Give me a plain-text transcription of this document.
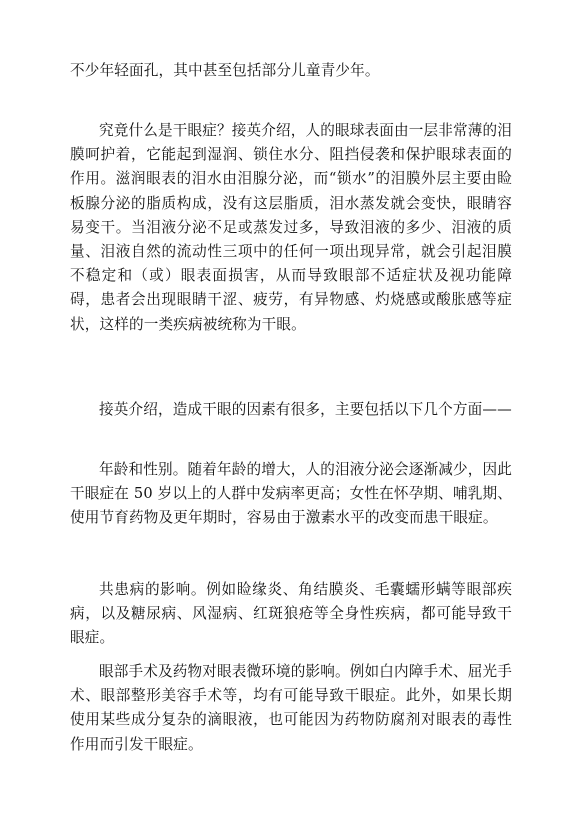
不少年轻面孔，其中甚至包括部分儿童青少年。

究竟什么是干眼症？接英介绍，人的眼球表面由一层非常薄的泪膜呵护着，它能起到湿润、锁住水分、阻挡侵袭和保护眼球表面的作用。滋润眼表的泪水由泪腺分泌，而“锁水”的泪膜外层主要由睑板腺分泌的脂质构成，没有这层脂质，泪水蒸发就会变快，眼睛容易变干。当泪液分泌不足或蒸发过多，导致泪液的多少、泪液的质量、泪液自然的流动性三项中的任何一项出现异常，就会引起泪膜不稳定和（或）眼表面损害，从而导致眼部不适症状及视功能障碍，患者会出现眼睛干涩、疲劳，有异物感、灼烧感或酸胀感等症状，这样的一类疾病被统称为干眼。

接英介绍，造成干眼的因素有很多，主要包括以下几个方面——

年龄和性别。随着年龄的增大，人的泪液分泌会逐渐减少，因此干眼症在 50 岁以上的人群中发病率更高；女性在怀孕期、哺乳期、使用节育药物及更年期时，容易由于激素水平的改变而患干眼症。

共患病的影响。例如睑缘炎、角结膜炎、毛囊蠕形螨等眼部疾病，以及糖尿病、风湿病、红斑狼疮等全身性疾病，都可能导致干眼症。

眼部手术及药物对眼表微环境的影响。例如白内障手术、屈光手术、眼部整形美容手术等，均有可能导致干眼症。此外，如果长期使用某些成分复杂的滴眼液，也可能因为药物防腐剂对眼表的毒性作用而引发干眼症。
